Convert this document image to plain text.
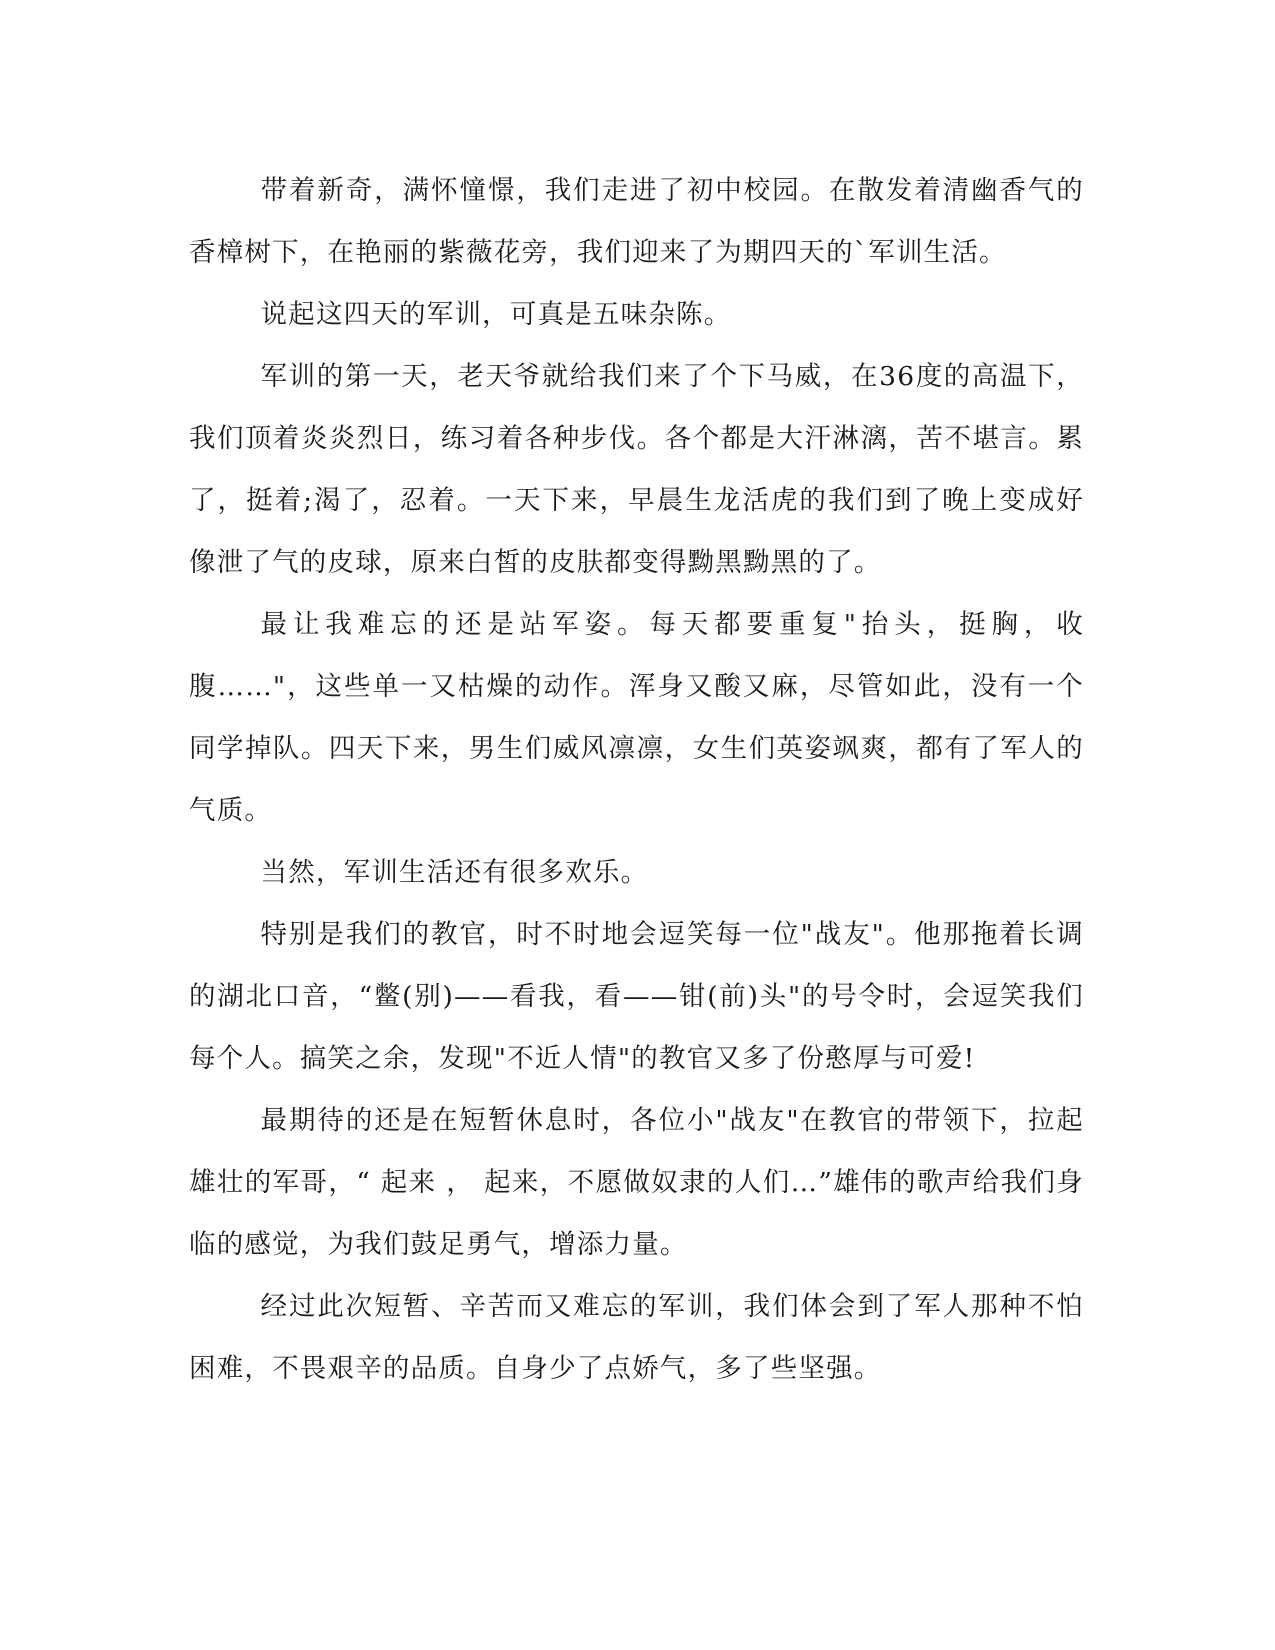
带着新奇，满怀憧憬，我们走进了初中校园。在散发着清幽香气的香樟树下，在艳丽的紫薇花旁，我们迎来了为期四天的`军训生活。

说起这四天的军训，可真是五味杂陈。

军训的第一天，老天爷就给我们来了个下马威，在36度的高温下，我们顶着炎炎烈日，练习着各种步伐。各个都是大汗淋漓，苦不堪言。累了，挺着;渴了，忍着。一天下来，早晨生龙活虎的我们到了晚上变成好像泄了气的皮球，原来白皙的皮肤都变得黝黑黝黑的了。

最让我难忘的还是站军姿。每天都要重复"抬头，挺胸，收腹……"，这些单一又枯燥的动作。浑身又酸又麻，尽管如此，没有一个同学掉队。四天下来，男生们威风凛凛，女生们英姿飒爽，都有了军人的气质。

当然，军训生活还有很多欢乐。

特别是我们的教官，时不时地会逗笑每一位"战友"。他那拖着长调的湖北口音，“鳖(别)——看我，看——钳(前)头"的号令时，会逗笑我们每个人。搞笑之余，发现"不近人情"的教官又多了份憨厚与可爱!

最期待的还是在短暂休息时，各位小"战友"在教官的带领下，拉起雄壮的军哥，“ 起来 ， 起来，不愿做奴隶的人们…”雄伟的歌声给我们身临的感觉，为我们鼓足勇气，增添力量。

经过此次短暂、辛苦而又难忘的军训，我们体会到了军人那种不怕困难，不畏艰辛的品质。自身少了点娇气，多了些坚强。
